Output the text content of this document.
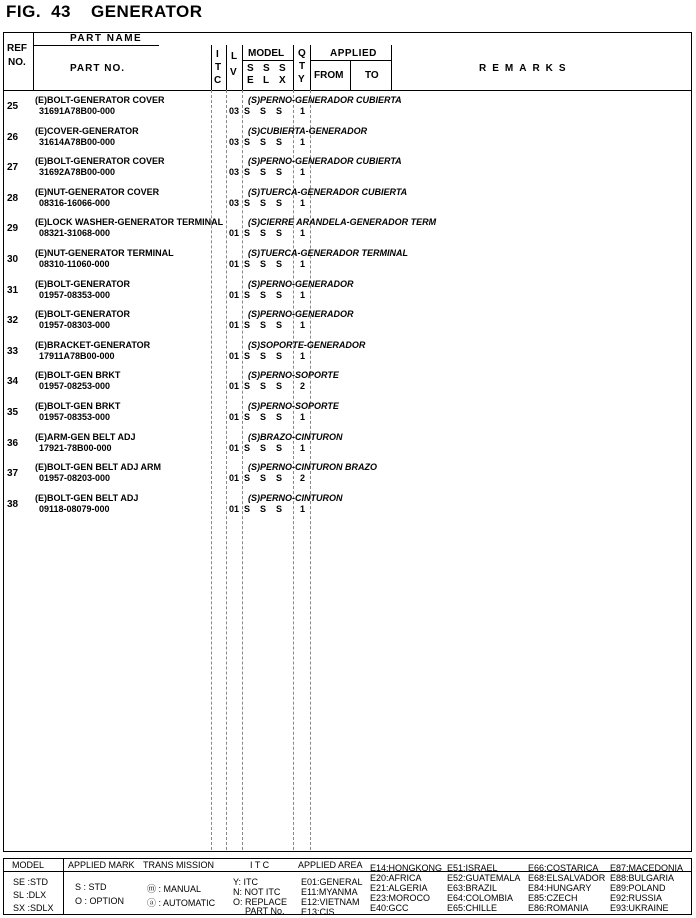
FIG. 43 GENERATOR
REF
NO.
PART NAME
PART NO.
I
T
C
L
V
MODEL
S S S
E L X
Q
T
Y
APPLIED
FROM TO
REMARKS
25
(E)BOLT-GENERATOR COVER
31691A78B00-000
(S)PERNO-GENERADOR CUBIERTA
03 S S S 1
26
(E)COVER-GENERATOR
31614A78B00-000
(S)CUBIERTA-GENERADOR
03 S S S 1
27
(E)BOLT-GENERATOR COVER
31692A78B00-000
(S)PERNO-GENERADOR CUBIERTA
03 S S S 1
28
(E)NUT-GENERATOR COVER
08316-16066-000
(S)TUERCA-GENERADOR CUBIERTA
03 S S S 1
29
(E)LOCK WASHER-GENERATOR TERMINAL
08321-31068-000
(S)CIERRE ARANDELA-GENERADOR TERM
01 S S S 1
30
(E)NUT-GENERATOR TERMINAL
08310-11060-000
(S)TUERCA-GENERADOR TERMINAL
01 S S S 1
31
(E)BOLT-GENERATOR
01957-08353-000
(S)PERNO-GENERADOR
01 S S S 1
32
(E)BOLT-GENERATOR
01957-08303-000
(S)PERNO-GENERADOR
01 S S S 1
33
(E)BRACKET-GENERATOR
17911A78B00-000
(S)SOPORTE-GENERADOR
01 S S S 1
34
(E)BOLT-GEN BRKT
01957-08253-000
(S)PERNO-SOPORTE
01 S S S 2
35
(E)BOLT-GEN BRKT
01957-08353-000
(S)PERNO-SOPORTE
01 S S S 1
36
(E)ARM-GEN BELT ADJ
17921-78B00-000
(S)BRAZO-CINTURON
01 S S S 1
37
(E)BOLT-GEN BELT ADJ ARM
01957-08203-000
(S)PERNO-CINTURON BRAZO
01 S S S 2
38
(E)BOLT-GEN BELT ADJ
09118-08079-000
(S)PERNO-CINTURON
01 S S S 1
MODEL	APPLIED MARK TRANS MISSION	I T C	APPLIED AREA
SE :STD
SL :DLX
SX :SDLX
S : STD
O : OPTION
ⓜ : MANUAL
ⓐ : AUTOMATIC
Y: ITC
N: NOT ITC
O: REPLACE
PART No.
E01:GENERAL
E11:MYANMA
E12:VIETNAM
E13:CIS
E14:HONGKONG
E20:AFRICA
E21:ALGERIA
E23:MOROCO
E40:GCC
E51:ISRAEL
E52:GUATEMALA
E63:BRAZIL
E64:COLOMBIA
E65:CHILLE
E66:COSTARICA
E68:ELSALVADOR
E84:HUNGARY
E85:CZECH
E86:ROMANIA
E87:MACEDONIA
E88:BULGARIA
E89:POLAND
E92:RUSSIA
E93:UKRAINE
